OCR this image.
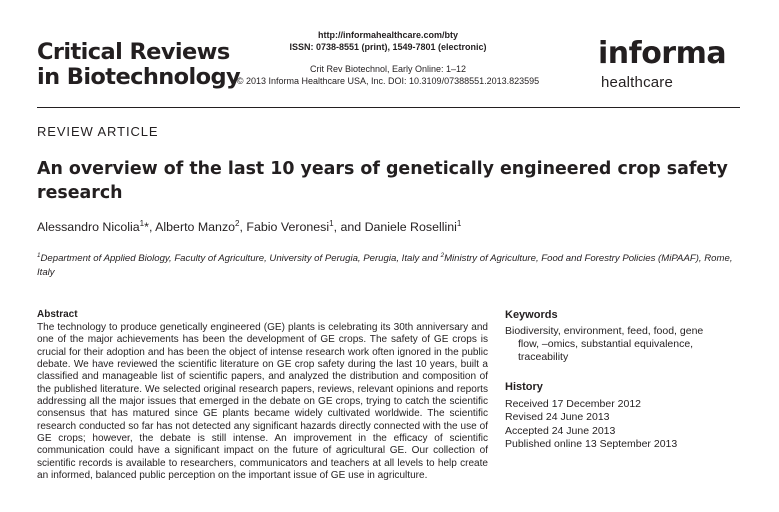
Critical Reviews
in Biotechnology
http://informahealthcare.com/bty
ISSN: 0738-8551 (print), 1549-7801 (electronic)
Crit Rev Biotechnol, Early Online: 1–12
© 2013 Informa Healthcare USA, Inc. DOI: 10.3109/07388551.2013.823595
informa
healthcare
REVIEW ARTICLE
An overview of the last 10 years of genetically engineered crop safety research
Alessandro Nicolia$^1$*, Alberto Manzo$^2$, Fabio Veronesi$^1$, and Daniele Rosellini$^1$
$^1$Department of Applied Biology, Faculty of Agriculture, University of Perugia, Perugia, Italy and $^2$Ministry of Agriculture, Food and Forestry Policies (MiPAAF), Rome, Italy
Abstract
The technology to produce genetically engineered (GE) plants is celebrating its 30th anniversary and one of the major achievements has been the development of GE crops. The safety of GE crops is crucial for their adoption and has been the object of intense research work often ignored in the public debate. We have reviewed the scientific literature on GE crop safety during the last 10 years, built a classified and manageable list of scientific papers, and analyzed the distribution and composition of the published literature. We selected original research papers, reviews, relevant opinions and reports addressing all the major issues that emerged in the debate on GE crops, trying to catch the scientific consensus that has matured since GE plants became widely cultivated worldwide. The scientific research conducted so far has not detected any significant hazards directly connected with the use of GE crops; however, the debate is still intense. An improvement in the efficacy of scientific communication could have a significant impact on the future of agricultural GE. Our collection of scientific records is available to researchers, communicators and teachers at all levels to help create an informed, balanced public perception on the important issue of GE use in agriculture.
Keywords
Biodiversity, environment, feed, food, gene
flow, –omics, substantial equivalence,
traceability
History
Received 17 December 2012
Revised 24 June 2013
Accepted 24 June 2013
Published online 13 September 2013
